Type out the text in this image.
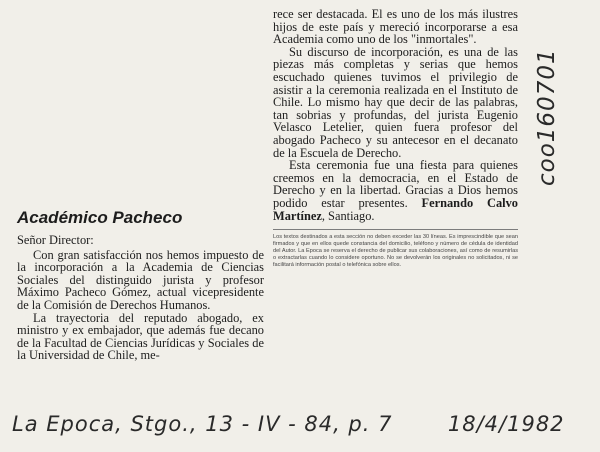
Académico Pacheco

Señor Director:

Con gran satisfacción nos hemos impuesto de la incorporación a la Academia de Ciencias Sociales del distinguido jurista y profesor Máximo Pacheco Gómez, actual vicepresidente de la Comisión de Derechos Humanos.

La trayectoria del reputado abogado, ex ministro y ex embajador, que además fue decano de la Facultad de Ciencias Jurídicas y Sociales de la Universidad de Chile, me-

rece ser destacada. El es uno de los más ilustres hijos de este país y mereció incorporarse a esa Academia como uno de los "inmortales".

Su discurso de incorporación, es una de las piezas más completas y serias que hemos escuchado quienes tuvimos el privilegio de asistir a la ceremonia realizada en el Instituto de Chile. Lo mismo hay que decir de las palabras, tan sobrias y profundas, del jurista Eugenio Velasco Letelier, quien fuera profesor del abogado Pacheco y su antecesor en el decanato de la Escuela de Derecho.

Esta ceremonia fue una fiesta para quienes creemos en la democracia, en el Estado de Derecho y en la libertad. Gracias a Dios hemos podido estar presentes. Fernando Calvo Martínez, Santiago.

Los textos destinados a esta sección no deben exceder las 30 líneas. Es imprescindible que sean firmados y que en ellos quede constancia del domicilio, teléfono y número de cédula de identidad del Autor. La Epoca se reserva el derecho de publicar sus colaboraciones, así como de resumirlas o extractarlas cuando lo considere oportuno. No se devolverán los originales no solicitados, ni se facilitará información postal o telefónica sobre ellos.

La Epoca, Stgo., 13 - IV - 84, p. 7	18/4/1982
coo160701
